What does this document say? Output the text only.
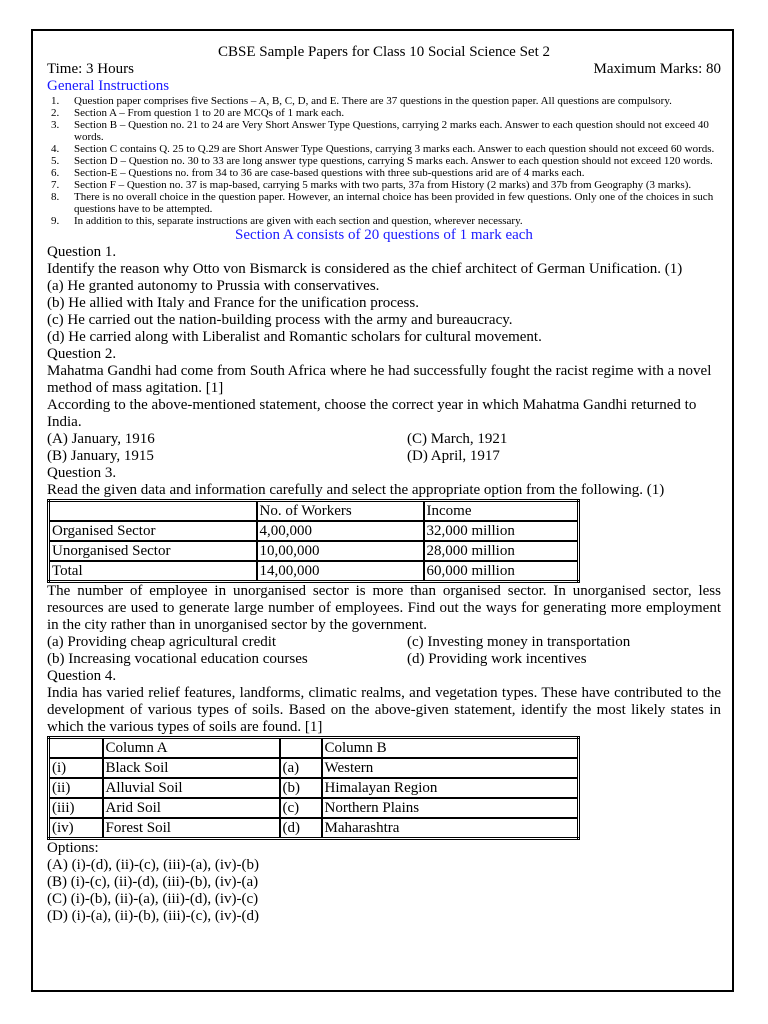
CBSE Sample Papers for Class 10 Social Science Set 2
Time: 3 Hours	Maximum Marks: 80
General Instructions
1.	Question paper comprises five Sections – A, B, C, D, and E. There are 37 questions in the question paper. All questions are compulsory.
2.	Section A – From question 1 to 20 are MCQs of 1 mark each.
3.	Section B – Question no. 21 to 24 are Very Short Answer Type Questions, carrying 2 marks each. Answer to each question should not exceed 40 words.
4.	Section C contains Q. 25 to Q.29 are Short Answer Type Questions, carrying 3 marks each. Answer to each question should not exceed 60 words.
5.	Section D – Question no. 30 to 33 are long answer type questions, carrying S marks each. Answer to each question should not exceed 120 words.
6.	Section-E – Questions no. from 34 to 36 are case-based questions with three sub-questions arid are of 4 marks each.
7.	Section F – Question no. 37 is map-based, carrying 5 marks with two parts, 37a from History (2 marks) and 37b from Geography (3 marks).
8.	There is no overall choice in the question paper. However, an internal choice has been provided in few questions. Only one of the choices in such questions have to be attempted.
9.	In addition to this, separate instructions are given with each section and question, wherever necessary.
Section A consists of 20 questions of 1 mark each
Question 1.
Identify the reason why Otto von Bismarck is considered as the chief architect of German Unification. (1)
(a) He granted autonomy to Prussia with conservatives.
(b) He allied with Italy and France for the unification process.
(c) He carried out the nation-building process with the army and bureaucracy.
(d) He carried along with Liberalist and Romantic scholars for cultural movement.
Question 2.
Mahatma Gandhi had come from South Africa where he had successfully fought the racist regime with a novel method of mass agitation. [1]
According to the above-mentioned statement, choose the correct year in which Mahatma Gandhi returned to India.
(A) January, 1916	(C) March, 1921
(B) January, 1915	(D) April, 1917
Question 3.
Read the given data and information carefully and select the appropriate option from the following. (1)
	No. of Workers	Income
Organised Sector	4,00,000	32,000 million
Unorganised Sector	10,00,000	28,000 million
Total	14,00,000	60,000 million
The number of employee in unorganised sector is more than organised sector. In unorganised sector, less resources are used to generate large number of employees. Find out the ways for generating more employment in the city rather than in unorganised sector by the government.
(a) Providing cheap agricultural credit	(c) Investing money in transportation
(b) Increasing vocational education courses	(d) Providing work incentives
Question 4.
India has varied relief features, landforms, climatic realms, and vegetation types. These have contributed to the development of various types of soils. Based on the above-given statement, identify the most likely states in which the various types of soils are found. [1]
	Column A		Column B
(i)	Black Soil	(a)	Western
(ii)	Alluvial Soil	(b)	Himalayan Region
(iii)	Arid Soil	(c)	Northern Plains
(iv)	Forest Soil	(d)	Maharashtra
Options:
(A) (i)-(d), (ii)-(c), (iii)-(a), (iv)-(b)
(B) (i)-(c), (ii)-(d), (iii)-(b), (iv)-(a)
(C) (i)-(b), (ii)-(a), (iii)-(d), (iv)-(c)
(D) (i)-(a), (ii)-(b), (iii)-(c), (iv)-(d)
